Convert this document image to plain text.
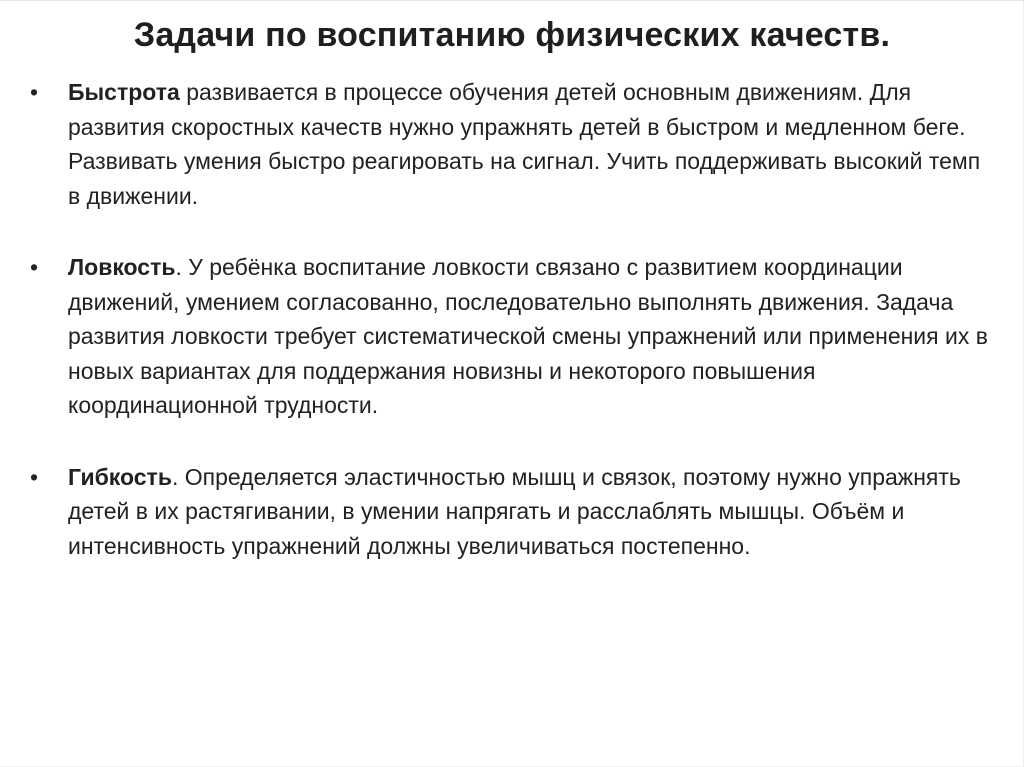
Задачи по воспитанию физических качеств.
•	Быстрота развивается в процессе обучения детей основным движениям. Для развития скоростных качеств нужно упражнять детей в быстром и медленном беге. Развивать умения быстро реагировать на сигнал. Учить поддерживать высокий темп в движении.
•	Ловкость. У ребёнка воспитание ловкости связано с развитием координации движений, умением согласованно, последовательно выполнять движения. Задача развития ловкости требует систематической смены упражнений или применения их в новых вариантах для поддержания новизны и некоторого повышения координационной трудности.
•	Гибкость. Определяется эластичностью мышц и связок, поэтому нужно упражнять детей в их растягивании, в умении напрягать и расслаблять мышцы. Объём и интенсивность упражнений должны увеличиваться постепенно.
